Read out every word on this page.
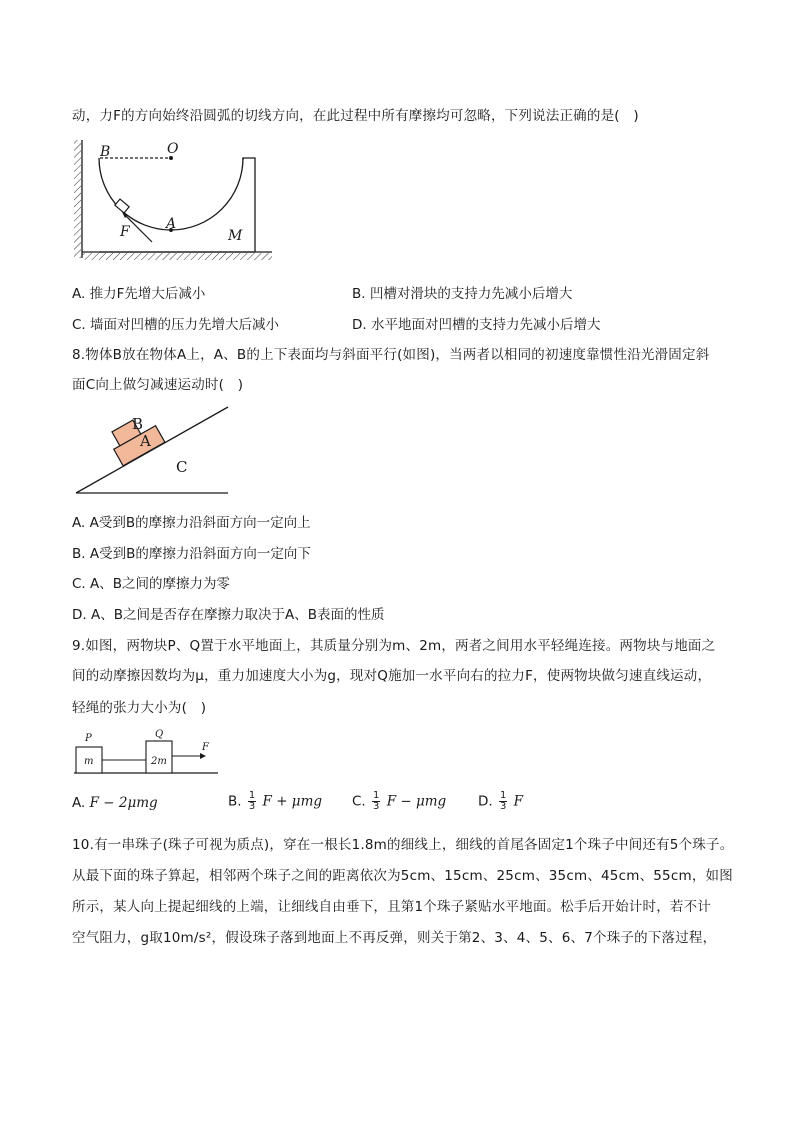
动，力F的方向始终沿圆弧的切线方向，在此过程中所有摩擦均可忽略，下列说法正确的是(　)
B	O
A
F	M
A. 推力F先增大后减小	B. 凹槽对滑块的支持力先减小后增大
C. 墙面对凹槽的压力先增大后减小	D. 水平地面对凹槽的支持力先减小后增大
8.物体B放在物体A上，A、B的上下表面均与斜面平行(如图)，当两者以相同的初速度靠惯性沿光滑固定斜
面C向上做匀减速运动时(　)
B
A
C
A. A受到B的摩擦力沿斜面方向一定向上
B. A受到B的摩擦力沿斜面方向一定向下
C. A、B之间的摩擦力为零
D. A、B之间是否存在摩擦力取决于A、B表面的性质
9.如图，两物块P、Q置于水平地面上，其质量分别为m、2m，两者之间用水平轻绳连接。两物块与地面之
间的动摩擦因数均为μ，重力加速度大小为g，现对Q施加一水平向右的拉力F，使两物块做匀速直线运动，
轻绳的张力大小为(　)
P	Q
m	2m
F
A. F − 2μmg	B. $\frac{1}{3}$ F + μmg C. $\frac{1}{3}$ F − μmg D. $\frac{1}{3}$ F
10.有一串珠子(珠子可视为质点)，穿在一根长1.8m的细线上，细线的首尾各固定1个珠子中间还有5个珠子。
从最下面的珠子算起，相邻两个珠子之间的距离依次为5cm、15cm、25cm、35cm、45cm、55cm，如图
所示，某人向上提起细线的上端，让细线自由垂下，且第1个珠子紧贴水平地面。松手后开始计时，若不计
空气阻力，g取10m/s²，假设珠子落到地面上不再反弹，则关于第2、3、4、5、6、7个珠子的下落过程，
